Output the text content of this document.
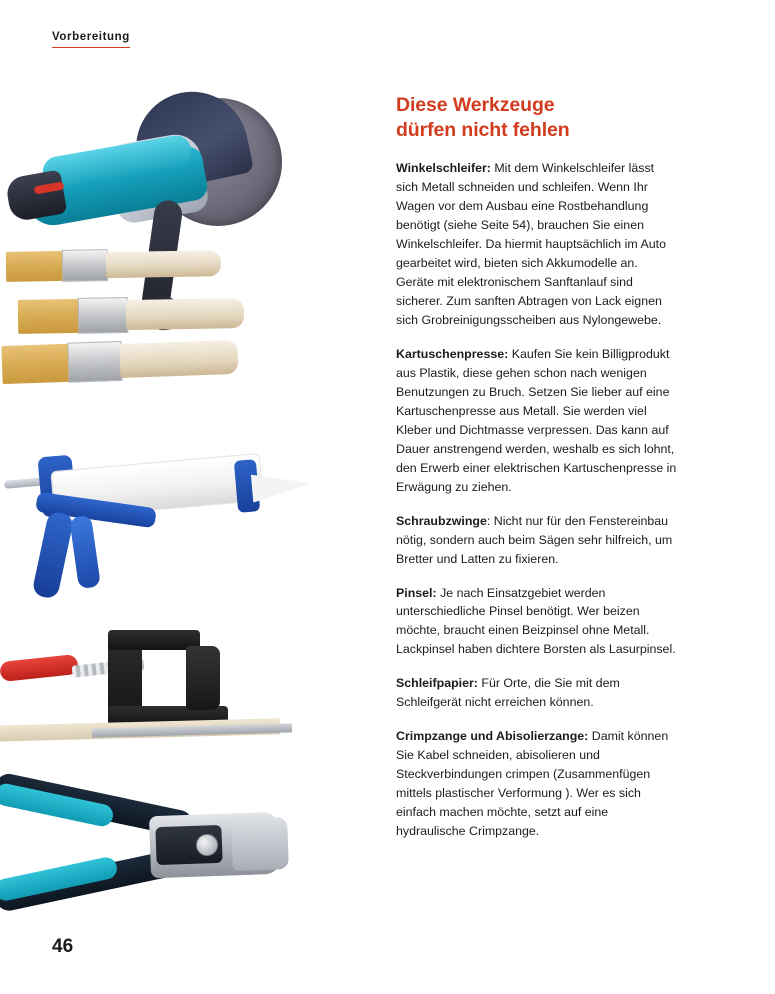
Vorbereitung
Diese Werkzeuge
dürfen nicht fehlen

Winkelschleifer: Mit dem Winkelschleifer lässt sich Metall schneiden und schleifen. Wenn Ihr Wagen vor dem Ausbau eine Rostbehandlung benötigt (siehe Seite 54), brauchen Sie einen Winkelschleifer. Da hiermit hauptsächlich im Auto gearbeitet wird, bieten sich Akkumodelle an. Geräte mit elektronischem Sanftanlauf sind sicherer. Zum sanften Abtragen von Lack eignen sich Grobreinigungsscheiben aus Nylongewebe.

Kartuschenpresse: Kaufen Sie kein Billigprodukt aus Plastik, diese gehen schon nach wenigen Benutzungen zu Bruch. Setzen Sie lieber auf eine Kartuschenpresse aus Metall. Sie werden viel Kleber und Dichtmasse verpressen. Das kann auf Dauer anstrengend werden, weshalb es sich lohnt, den Erwerb einer elektrischen Kartuschenpresse in Erwägung zu ziehen.

Schraubzwinge: Nicht nur für den Fenstereinbau nötig, sondern auch beim Sägen sehr hilfreich, um Bretter und Latten zu fixieren.

Pinsel: Je nach Einsatzgebiet werden unterschiedliche Pinsel benötigt. Wer beizen möchte, braucht einen Beizpinsel ohne Metall. Lackpinsel haben dichtere Borsten als Lasurpinsel.

Schleifpapier: Für Orte, die Sie mit dem Schleifgerät nicht erreichen können.

Crimpzange und Abisolierzange: Damit können Sie Kabel schneiden, abisolieren und Steckverbindungen crimpen (Zusammenfügen mittels plastischer Verformung ). Wer es sich einfach machen möchte, setzt auf eine hydraulische Crimpzange.

46
